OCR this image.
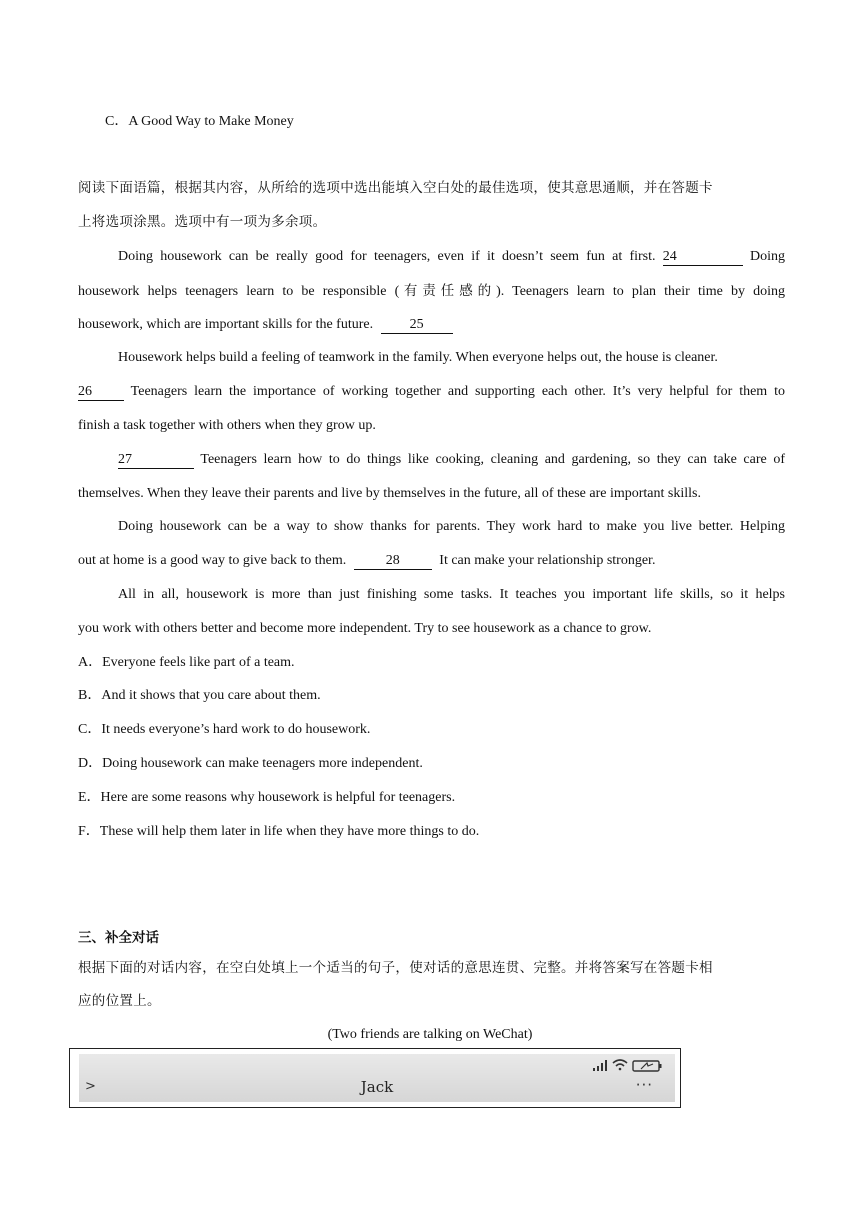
C．A Good Way to Make Money
阅读下面语篇，根据其内容，从所给的选项中选出能填入空白处的最佳选项，使其意思通顺，并在答题卡
上将选项涂黑。选项中有一项为多余项。
Doing housework can be really good for teenagers, even if it doesn’t seem fun at first. 24	Doing
housework helps teenagers learn to be responsible (有责任感的). Teenagers learn to plan their time by doing
housework, which are important skills for the future.	25
Housework helps build a feeling of teamwork in the family. When everyone helps out, the house is cleaner.
26	Teenagers learn the importance of working together and supporting each other. It’s very helpful for them to
finish a task together with others when they grow up.
27	Teenagers learn how to do things like cooking, cleaning and gardening, so they can take care of
themselves. When they leave their parents and live by themselves in the future, all of these are important skills.
Doing housework can be a way to show thanks for parents. They work hard to make you live better. Helping
out at home is a good way to give back to them.	28	It can make your relationship stronger.
All in all, housework is more than just finishing some tasks. It teaches you important life skills, so it helps
you work with others better and become more independent. Try to see housework as a chance to grow.
A．Everyone feels like part of a team.
B．And it shows that you care about them.
C．It needs everyone’s hard work to do housework.
D．Doing housework can make teenagers more independent.
E．Here are some reasons why housework is helpful for teenagers.
F．These will help them later in life when they have more things to do.
三、补全对话
根据下面的对话内容，在空白处填上一个适当的句子，使对话的意思连贯、完整。并将答案写在答题卡相
应的位置上。
(Two friends are talking on WeChat)
>	Jack	···
